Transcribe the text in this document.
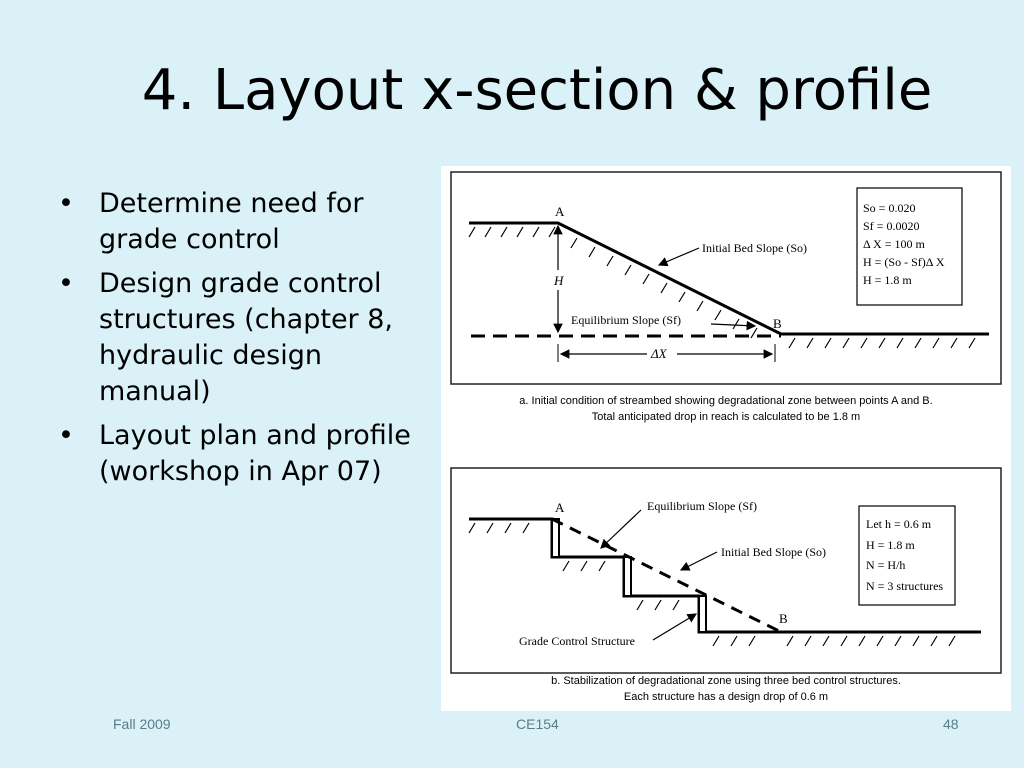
4. Layout x-section & profile
• Determine need for grade control
• Design grade control structures (chapter 8, hydraulic design manual)
• Layout plan and profile (workshop in Apr 07)
A
B
H
Initial Bed Slope (So)
Equilibrium Slope (Sf)
ΔX
So = 0.020
Sf = 0.0020
Δ X = 100 m
H = (So - Sf)Δ X
H = 1.8 m
a. Initial condition of streambed showing degradational zone between points A and B.
Total anticipated drop in reach is calculated to be 1.8 m
A
B
Equilibrium Slope (Sf)
Initial Bed Slope (So)
Grade Control Structure
Let h = 0.6 m
H = 1.8 m
N = H/h
N = 3 structures
b. Stabilization of degradational zone using three bed control structures.
Each structure has a design drop of 0.6 m
Fall 2009	CE154	48
